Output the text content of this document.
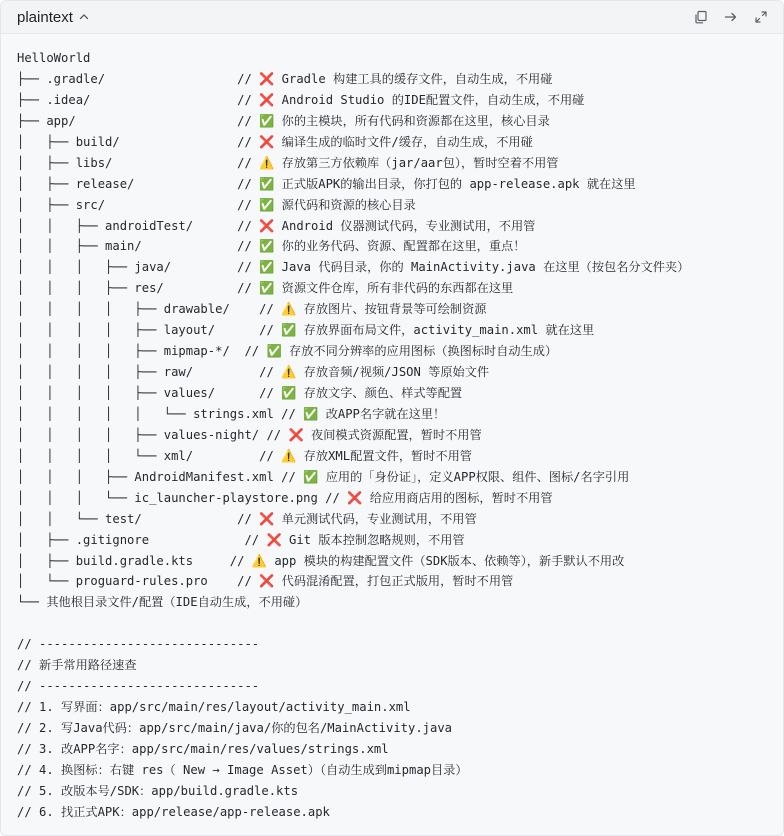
plaintext
HelloWorld
├── .gradle/                  // ❌ Gradle 构建工具的缓存文件，自动生成，不用碰
├── .idea/                    // ❌ Android Studio 的IDE配置文件，自动生成，不用碰
├── app/                      // ✅ 你的主模块，所有代码和资源都在这里，核心目录
│   ├── build/                // ❌ 编译生成的临时文件/缓存，自动生成，不用碰
│   ├── libs/                 // ⚠️ 存放第三方依赖库（jar/aar包），暂时空着不用管
│   ├── release/              // ✅ 正式版APK的输出目录，你打包的 app-release.apk 就在这里
│   ├── src/                  // ✅ 源代码和资源的核心目录
│   │   ├── androidTest/      // ❌ Android 仪器测试代码，专业测试用，不用管
│   │   ├── main/             // ✅ 你的业务代码、资源、配置都在这里，重点！
│   │   │   ├── java/         // ✅ Java 代码目录，你的 MainActivity.java 在这里（按包名分文件夹）
│   │   │   ├── res/          // ✅ 资源文件仓库，所有非代码的东西都在这里
│   │   │   │   ├── drawable/    // ⚠️ 存放图片、按钮背景等可绘制资源
│   │   │   │   ├── layout/      // ✅ 存放界面布局文件，activity_main.xml 就在这里
│   │   │   │   ├── mipmap-*/  // ✅ 存放不同分辨率的应用图标（换图标时自动生成）
│   │   │   │   ├── raw/         // ⚠️ 存放音频/视频/JSON 等原始文件
│   │   │   │   ├── values/      // ✅ 存放文字、颜色、样式等配置
│   │   │   │   │   └── strings.xml // ✅ 改APP名字就在这里！
│   │   │   │   ├── values-night/ // ❌ 夜间模式资源配置，暂时不用管
│   │   │   │   └── xml/         // ⚠️ 存放XML配置文件，暂时不用管
│   │   │   ├── AndroidManifest.xml // ✅ 应用的「身份证」，定义APP权限、组件、图标/名字引用
│   │   │   └── ic_launcher-playstore.png // ❌ 给应用商店用的图标，暂时不用管
│   │   └── test/             // ❌ 单元测试代码，专业测试用，不用管
│   ├── .gitignore             // ❌ Git 版本控制忽略规则，不用管
│   ├── build.gradle.kts     // ⚠️ app 模块的构建配置文件（SDK版本、依赖等），新手默认不用改
│   └── proguard-rules.pro    // ❌ 代码混淆配置，打包正式版用，暂时不用管
└── 其他根目录文件/配置（IDE自动生成，不用碰）

// ------------------------------
// 新手常用路径速查
// ------------------------------
// 1. 写界面：app/src/main/res/layout/activity_main.xml
// 2. 写Java代码：app/src/main/java/你的包名/MainActivity.java
// 3. 改APP名字：app/src/main/res/values/strings.xml
// 4. 换图标：右键 res（ New → Image Asset）（自动生成到mipmap目录）
// 5. 改版本号/SDK：app/build.gradle.kts
// 6. 找正式APK：app/release/app-release.apk
